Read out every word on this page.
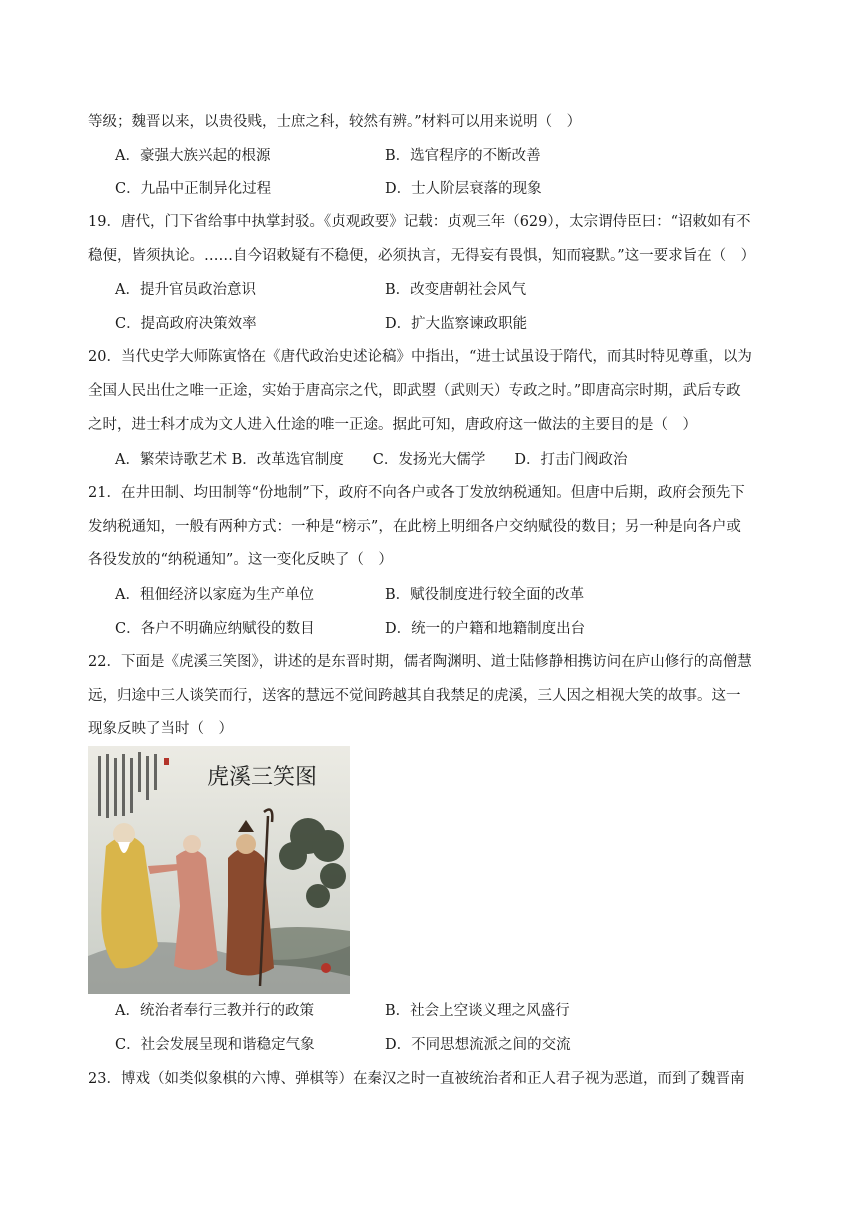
等级；魏晋以来，以贵役贱，士庶之科，较然有辨。”材料可以用来说明（　）
A．豪强大族兴起的根源	B．选官程序的不断改善
C．九品中正制异化过程	D．士人阶层衰落的现象
19．唐代，门下省给事中执掌封驳。《贞观政要》记载：贞观三年（629），太宗谓侍臣曰：“诏敕如有不
稳便，皆须执论。……自今诏敕疑有不稳便，必须执言，无得妄有畏惧，知而寝默。”这一要求旨在（　）
A．提升官员政治意识	B．改变唐朝社会风气
C．提高政府决策效率	D．扩大监察谏政职能
20．当代史学大师陈寅恪在《唐代政治史述论稿》中指出，“进士试虽设于隋代，而其时特见尊重，以为
全国人民出仕之唯一正途，实始于唐高宗之代，即武曌（武则天）专政之时。”即唐高宗时期，武后专政
之时，进士科才成为文人进入仕途的唯一正途。据此可知，唐政府这一做法的主要目的是（　）
A．繁荣诗歌艺术 B．改革选官制度　　C．发扬光大儒学　　D．打击门阀政治
21．在井田制、均田制等“份地制”下，政府不向各户或各丁发放纳税通知。但唐中后期，政府会预先下
发纳税通知，一般有两种方式：一种是“榜示”，在此榜上明细各户交纳赋役的数目；另一种是向各户或
各役发放的“纳税通知”。这一变化反映了（　）
A．租佃经济以家庭为生产单位	B．赋役制度进行较全面的改革
C．各户不明确应纳赋役的数目	D．统一的户籍和地籍制度出台
22．下面是《虎溪三笑图》，讲述的是东晋时期，儒者陶渊明、道士陆修静相携访问在庐山修行的高僧慧
远，归途中三人谈笑而行，送客的慧远不觉间跨越其自我禁足的虎溪，三人因之相视大笑的故事。这一
现象反映了当时（　）
虎溪三笑图
A．统治者奉行三教并行的政策	B．社会上空谈义理之风盛行
C．社会发展呈现和谐稳定气象	D．不同思想流派之间的交流
23．博戏（如类似象棋的六博、弹棋等）在秦汉之时一直被统治者和正人君子视为恶道，而到了魏晋南
